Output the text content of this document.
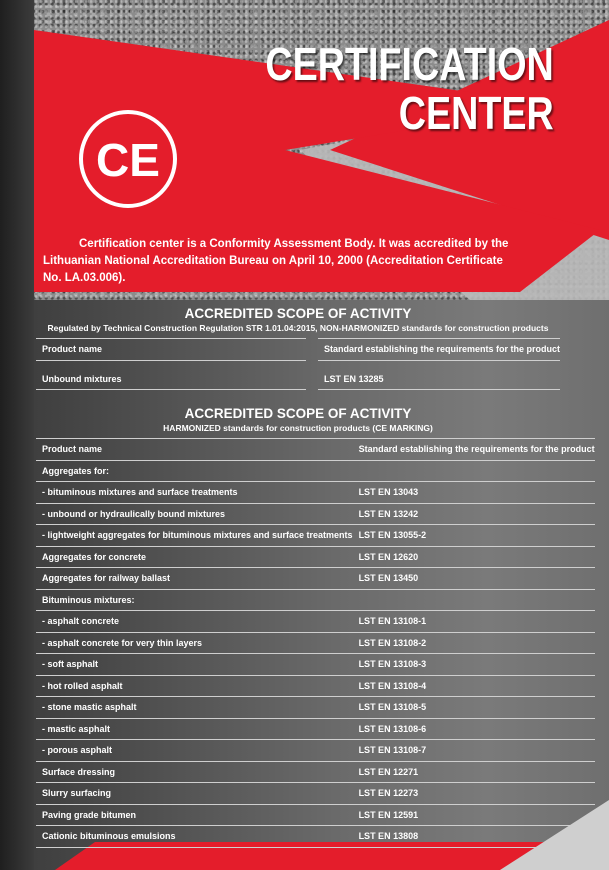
CERTIFICATION
CENTER
CE
Certification center is a Conformity Assessment Body. It was accredited by the Lithuanian National Accreditation Bureau on April 10, 2000 (Accreditation Certificate No. LA.03.006).
ACCREDITED SCOPE OF ACTIVITY
Regulated by Technical Construction Regulation STR 1.01.04:2015, NON-HARMONIZED standards for construction products
Product name		Standard establishing the requirements for the product

Unbound mixtures		LST EN 13285
ACCREDITED SCOPE OF ACTIVITY
HARMONIZED standards for construction products (CE MARKING)
Product name		Standard establishing the requirements for the product
Aggregates for:		
- bituminous mixtures and surface treatments		LST EN 13043
- unbound or hydraulically bound mixtures		LST EN 13242
- lightweight aggregates for bituminous mixtures and surface treatments		LST EN 13055-2
Aggregates for concrete		LST EN 12620
Aggregates for railway ballast		LST EN 13450
Bituminous mixtures:		
- asphalt concrete		LST EN 13108-1
- asphalt concrete for very thin layers		LST EN 13108-2
- soft asphalt		LST EN 13108-3
- hot rolled asphalt		LST EN 13108-4
- stone mastic asphalt		LST EN 13108-5
- mastic asphalt		LST EN 13108-6
- porous asphalt		LST EN 13108-7
Surface dressing		LST EN 12271
Slurry surfacing		LST EN 12273
Paving grade bitumen		LST EN 12591
Cationic bituminous emulsions		LST EN 13808
